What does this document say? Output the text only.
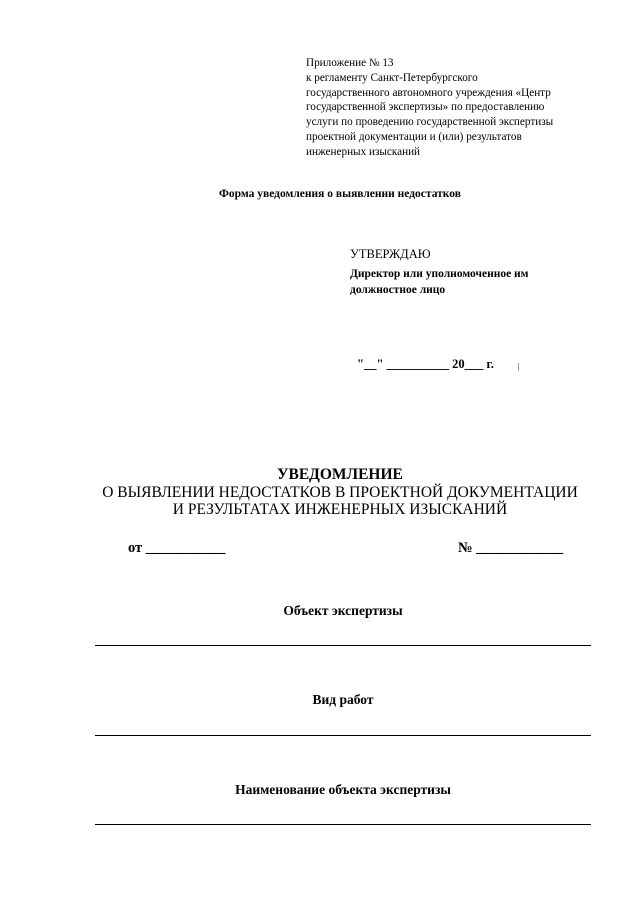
Приложение № 13
к регламенту Санкт-Петербургского
государственного автономного учреждения «Центр
государственной экспертизы» по предоставлению
услуги по проведению государственной экспертизы
проектной документации и (или) результатов
инженерных изысканий
Форма уведомления о выявлении недостатков
УТВЕРЖДАЮ
Директор или уполномоченное им
должностное лицо
"__" __________ 20___ г.
УВЕДОМЛЕНИЕ
О ВЫЯВЛЕНИИ НЕДОСТАТКОВ В ПРОЕКТНОЙ ДОКУМЕНТАЦИИ
И РЕЗУЛЬТАТАХ ИНЖЕНЕРНЫХ ИЗЫСКАНИЙ
от ___________	№ ____________
Объект экспертизы
Вид работ
Наименование объекта экспертизы
